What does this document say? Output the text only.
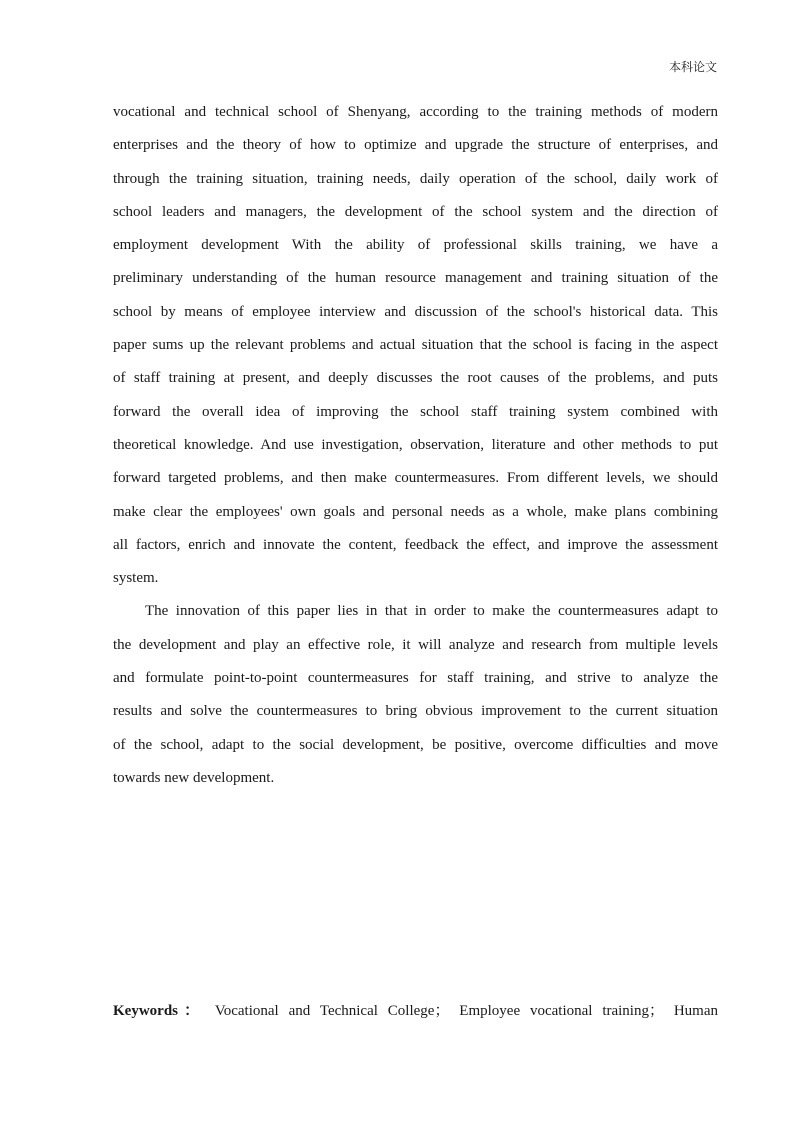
本科论文
vocational and technical school of Shenyang, according to the training methods of modern
enterprises and the theory of how to optimize and upgrade the structure of enterprises, and
through the training situation, training needs, daily operation of the school, daily work of
school leaders and managers, the development of the school system and the direction of
employment development With the ability of professional skills training, we have a
preliminary understanding of the human resource management and training situation of the
school by means of employee interview and discussion of the school's historical data. This
paper sums up the relevant problems and actual situation that the school is facing in the aspect
of staff training at present, and deeply discusses the root causes of the problems, and puts
forward the overall idea of improving the school staff training system combined with
theoretical knowledge. And use investigation, observation, literature and other methods to put
forward targeted problems, and then make countermeasures. From different levels, we should
make clear the employees' own goals and personal needs as a whole, make plans combining
all factors, enrich and innovate the content, feedback the effect, and improve the assessment
system.
The innovation of this paper lies in that in order to make the countermeasures adapt to
the development and play an effective role, it will analyze and research from multiple levels
and formulate point-to-point countermeasures for staff training, and strive to analyze the
results and solve the countermeasures to bring obvious improvement to the current situation
of the school, adapt to the social development, be positive, overcome difficulties and move
towards new development.
Keywords： Vocational and Technical College； Employee vocational training； Human
